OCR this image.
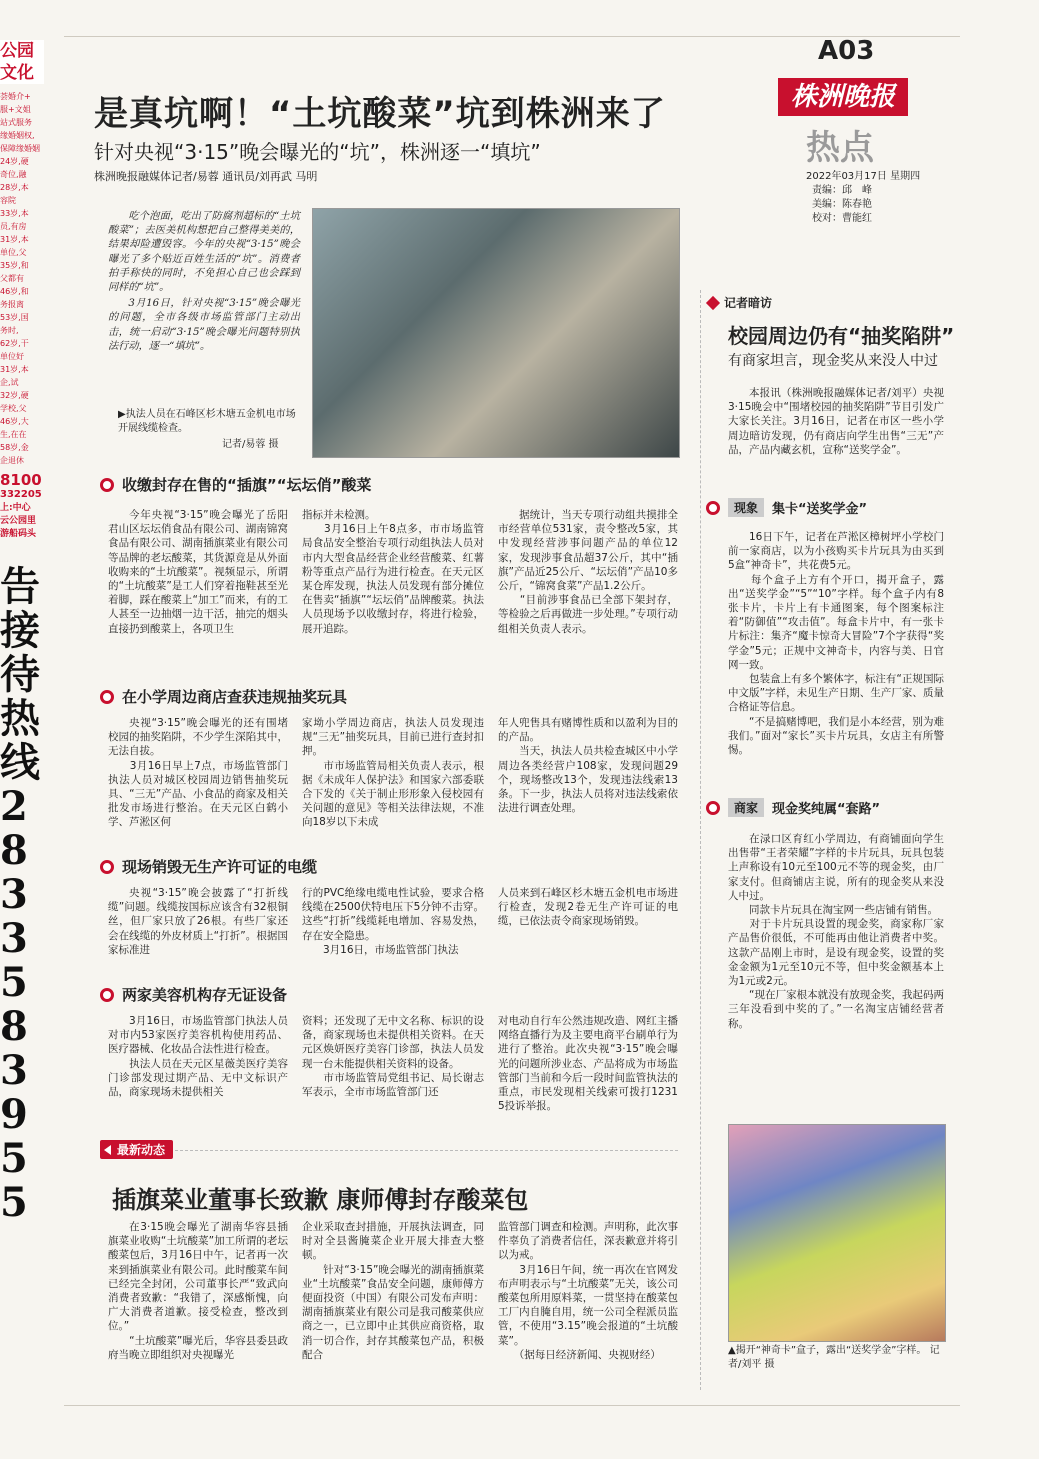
公园文化
荟婚介+
服+文姐
站式服务
缘婚姻权,
保障缘婚姻
24岁,硬
奇位,融
28岁,本
容院
33岁,本
员,有房
31岁,本
单位,父
35岁,和
父都有
46岁,和
务报离
53岁,国
务时,
62岁,干
单位好
31岁,本
企,试
32岁,硬
学校,父
46岁,大
生,在在
58岁,金
企退休
8100
332205
上:中心
云公园里
游船码头
告接待热线2833583955
A03
株洲晚报
热点
2022年03月17日 星期四
责编：邱　峰
美编：陈春艳
校对：曹能红
是真坑啊！“土坑酸菜”坑到株洲来了
针对央视“3·15”晚会曝光的“坑”，株洲逐一“填坑”
株洲晚报融媒体记者/易蓉 通讯员/刘再武 马明
吃个泡面，吃出了防腐剂超标的“土坑酸菜”；去医美机构想把自己整得美美的，结果却险遭毁容。今年的央视“3·15”晚会曝光了多个贴近百姓生活的“坑”。消费者拍手称快的同时，不免担心自己也会踩到同样的“坑”。
3月16日，针对央视“3·15”晚会曝光的问题，全市各级市场监管部门主动出击，统一启动“3·15”晚会曝光问题特别执法行动，逐一“填坑”。
▶执法人员在石峰区杉木塘五金机电市场开展线缆检查。
记者/易蓉 摄
收缴封存在售的“插旗”“坛坛俏”酸菜
今年央视“3·15”晚会曝光了岳阳君山区坛坛俏食品有限公司、湖南锦窝食品有限公司、湖南插旗菜业有限公司等品牌的老坛酸菜，其货源竟是从外面收购来的“土坑酸菜”。视频显示，所谓的“土坑酸菜”是工人们穿着拖鞋甚至光着脚，踩在酸菜上“加工”而来，有的工人甚至一边抽烟一边干活，抽完的烟头直接扔到酸菜上，各项卫生
指标并未检测。
　　3月16日上午8点多，市市场监管局食品安全整治专项行动组执法人员对市内大型食品经营企业经营酸菜、红薯粉等重点产品行为进行检查。在天元区某仓库发现，执法人员发现有部分摊位在售卖“插旗”“坛坛俏”品牌酸菜。执法人员现场予以收缴封存，将进行检验，展开追踪。
据统计，当天专项行动组共摸排全市经营单位531家，责令整改5家，其中发现经营涉事问题产品的单位12家，发现涉事食品超37公斤，其中“插旗”产品近25公斤、“坛坛俏”产品10多公斤，“锦窝食菜”产品1.2公斤。
　　“目前涉事食品已全部下架封存，等检验之后再做进一步处理。”专项行动组相关负责人表示。
在小学周边商店查获违规抽奖玩具
央视“3·15”晚会曝光的还有围堵校园的抽奖陷阱，不少学生深陷其中，无法自拔。
　　3月16日早上7点，市场监管部门执法人员对城区校园周边销售抽奖玩具、“三无”产品、小食品的商家及相关批发市场进行整治。在天元区白鹤小学、芦淞区何
家坳小学周边商店，执法人员发现违规“三无”抽奖玩具，目前已进行查封扣押。
　　市市场监管局相关负责人表示，根据《未成年人保护法》和国家六部委联合下发的《关于制止形形象入侵校园有关问题的意见》等相关法律法规，不准向18岁以下未成
年人兜售具有赌博性质和以盈利为目的的产品。
　　当天，执法人员共检查城区中小学周边各类经营户108家，发现问题29个，现场整改13个，发现违法线索13条。下一步，执法人员将对违法线索依法进行调查处理。
现场销毁无生产许可证的电缆
央视“3·15”晚会披露了“打折线缆”问题。线缆按国标应该含有32根铜丝，但厂家只放了26根。有些厂家还会在线缆的外皮材质上“打折”。根据国家标准进
行的PVC绝缘电缆电性试验，要求合格线缆在2500伏特电压下5分钟不击穿。这些“打折”线缆耗电增加、容易发热，存在安全隐患。
　　3月16日，市场监管部门执法
人员来到石峰区杉木塘五金机电市场进行检查，发现2卷无生产许可证的电缆，已依法责令商家现场销毁。
两家美容机构存无证设备
3月16日，市场监管部门执法人员对市内53家医疗美容机构使用药品、医疗器械、化妆品合法性进行检查。
　　执法人员在天元区星薇美医疗美容门诊部发现过期产品、无中文标识产品，商家现场未提供相关
资料；还发现了无中文名称、标识的设备，商家现场也未提供相关资料。在天元区焕妍医疗美容门诊部，执法人员发现一台未能提供相关资料的设备。
　　市市场监管局党组书记、局长谢志军表示，全市市场监管部门还
对电动自行车公然违规改造、网红主播网络直播行为及主要电商平台刷单行为进行了整治。此次央视“3·15”晚会曝光的问题所涉业态、产品将成为市场监管部门当前和今后一段时间监管执法的重点，市民发现相关线索可拨打12315投诉举报。
最新动态
插旗菜业董事长致歉 康师傅封存酸菜包
在3·15晚会曝光了湖南华容县插旗菜业收购“土坑酸菜”加工所谓的老坛酸菜包后，3月16日中午，记者再一次来到插旗菜业有限公司。此时酸菜车间已经完全封闭，公司董事长严“致武向消费者致歉：“我错了，深感惭愧，向广大消费者道歉。接受检查，整改到位。”
　　“土坑酸菜”曝光后，华容县委县政府当晚立即组织对央视曝光
企业采取查封措施，开展执法调查，同时对全县酱腌菜企业开展大排查大整顿。
　　针对“3·15”晚会曝光的湖南插旗菜业“土坑酸菜”食品安全问题，康师傅方便面投资（中国）有限公司发布声明：湖南插旗菜业有限公司是我司酸菜供应商之一，已立即中止其供应商资格，取消一切合作，封存其酸菜包产品，积极配合
监管部门调查和检测。声明称，此次事件辜负了消费者信任，深表歉意并将引以为戒。
　　3月16日午间，统一再次在官网发布声明表示与“土坑酸菜”无关，该公司酸菜包所用原料菜，一贯坚持在酸菜包工厂内自腌自用，统一公司全程派员监管，不使用“3.15”晚会报道的“土坑酸菜”。
　　（据每日经济新闻、央视财经）
记者暗访
校园周边仍有“抽奖陷阱”
有商家坦言，现金奖从来没人中过
本报讯（株洲晚报融媒体记者/刘平）央视3·15晚会中“围堵校园的抽奖陷阱”节目引发广大家长关注。3月16日，记者在市区一些小学周边暗访发现，仍有商店向学生出售“三无”产品，产品内藏玄机，宣称“送奖学金”。
现象	集卡“送奖学金”
16日下午，记者在芦淞区樟树坪小学校门前一家商店，以为小孩购买卡片玩具为由买到5盒“神奇卡”，共花费5元。
　　每个盒子上方有个开口，揭开盒子，露出“送奖学金”“5”“10”字样。每个盒子内有8张卡片，卡片上有卡通图案，每个图案标注着“防御值”“攻击值”。每盒卡片中，有一张卡片标注：集齐“魔卡惊奇大冒险”7个字获得“奖学金”5元；正规中文神奇卡，内容与美、日官网一致。
　　包装盒上有多个繁体字，标注有“正规国际中文版”字样，未见生产日期、生产厂家、质量合格证等信息。
　　“不是搞赌博吧，我们是小本经营，别为难我们。”面对“家长”买卡片玩具，女店主有所警惕。
商家	现金奖纯属“套路”
在渌口区育红小学周边，有商铺面向学生出售带“王者荣耀”字样的卡片玩具，玩具包装上声称设有10元至100元不等的现金奖，由厂家支付。但商铺店主说，所有的现金奖从来没人中过。
　　同款卡片玩具在淘宝网一些店铺有销售。
　　对于卡片玩具设置的现金奖，商家称厂家产品售价很低，不可能再由他让消费者中奖。这款产品刚上市时，是设有现金奖，设置的奖金金额为1元至10元不等，但中奖金额基本上为1元或2元。
　　“现在厂家根本就没有放现金奖，我起码两三年没看到中奖的了。”一名淘宝店铺经营者称。
▲揭开“神奇卡”盒子，露出“送奖学金”字样。 记者/刘平 摄
